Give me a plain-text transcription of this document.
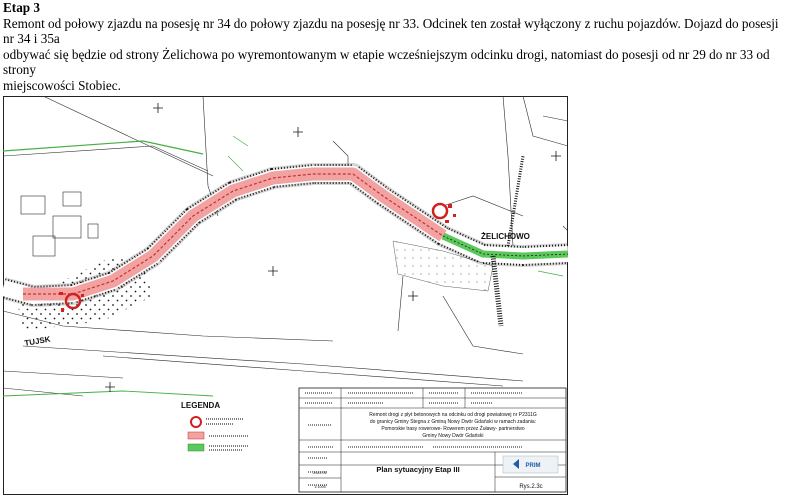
Etap 3
Remont od połowy zjazdu na posesję nr 34 do połowy zjazdu na posesję nr 33. Odcinek ten został wyłączony z ruchu pojazdów. Dojazd do posesji nr 34 i 35a
odbywać się będzie od strony Żelichowa po wyremontowanym w etapie wcześniejszym odcinku drogi, natomiast do posesji od nr 29 do nr 33 od strony
miejscowości Stobiec.
ŻELICHOWO
TUJSK
LEGENDA
Remont drogi z płyt betonowych na odcinku od drogi powiatowej nr P2311G
do granicy Gminy Stegna z Gminą Nowy Dwór Gdański w ramach zadania:
Pomorskie trasy rowerowe- Rowerem przez Żuławy- partnerstwo
Gminy Nowy Dwór Gdański
Plan sytuacyjny Etap III
2022.01
1:1000
PRIM
Rys.2.3c
